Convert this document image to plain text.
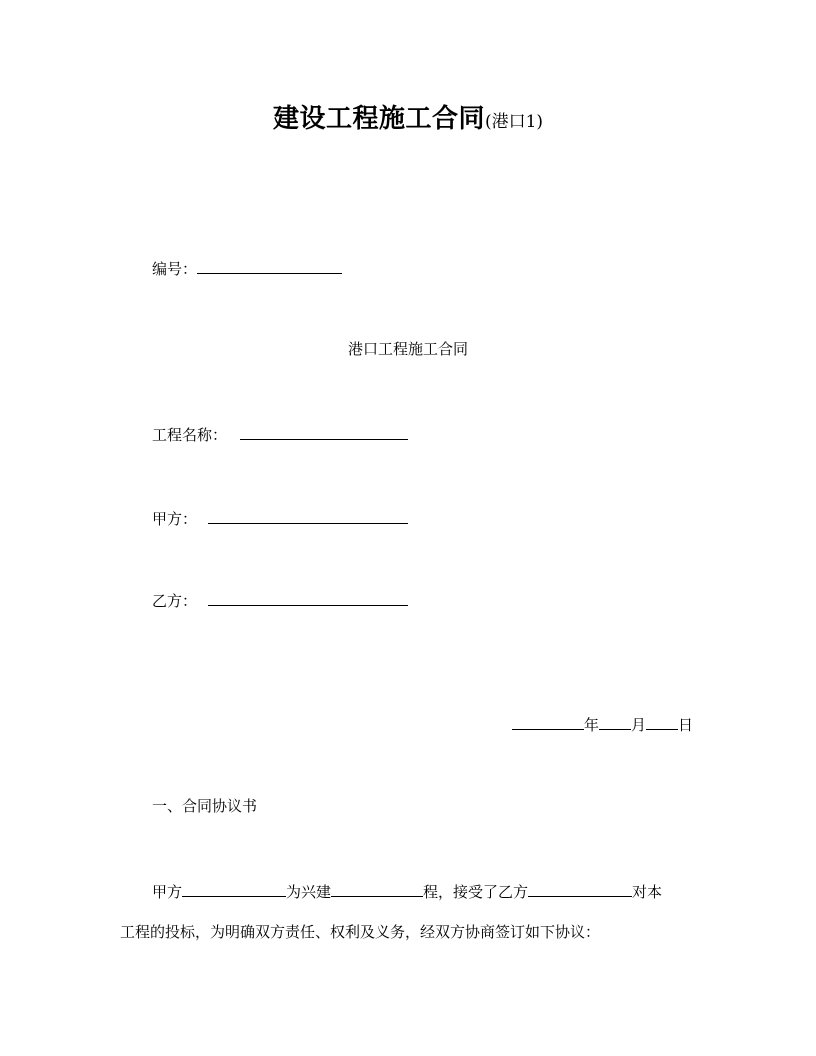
建设工程施工合同(港口1)
编号：
港口工程施工合同
工程名称：
甲方：
乙方：
年 月 日
一、合同协议书
甲方	为兴建	程，接受了乙方	对本
工程的投标，为明确双方责任、权利及义务，经双方协商签订如下协议：
